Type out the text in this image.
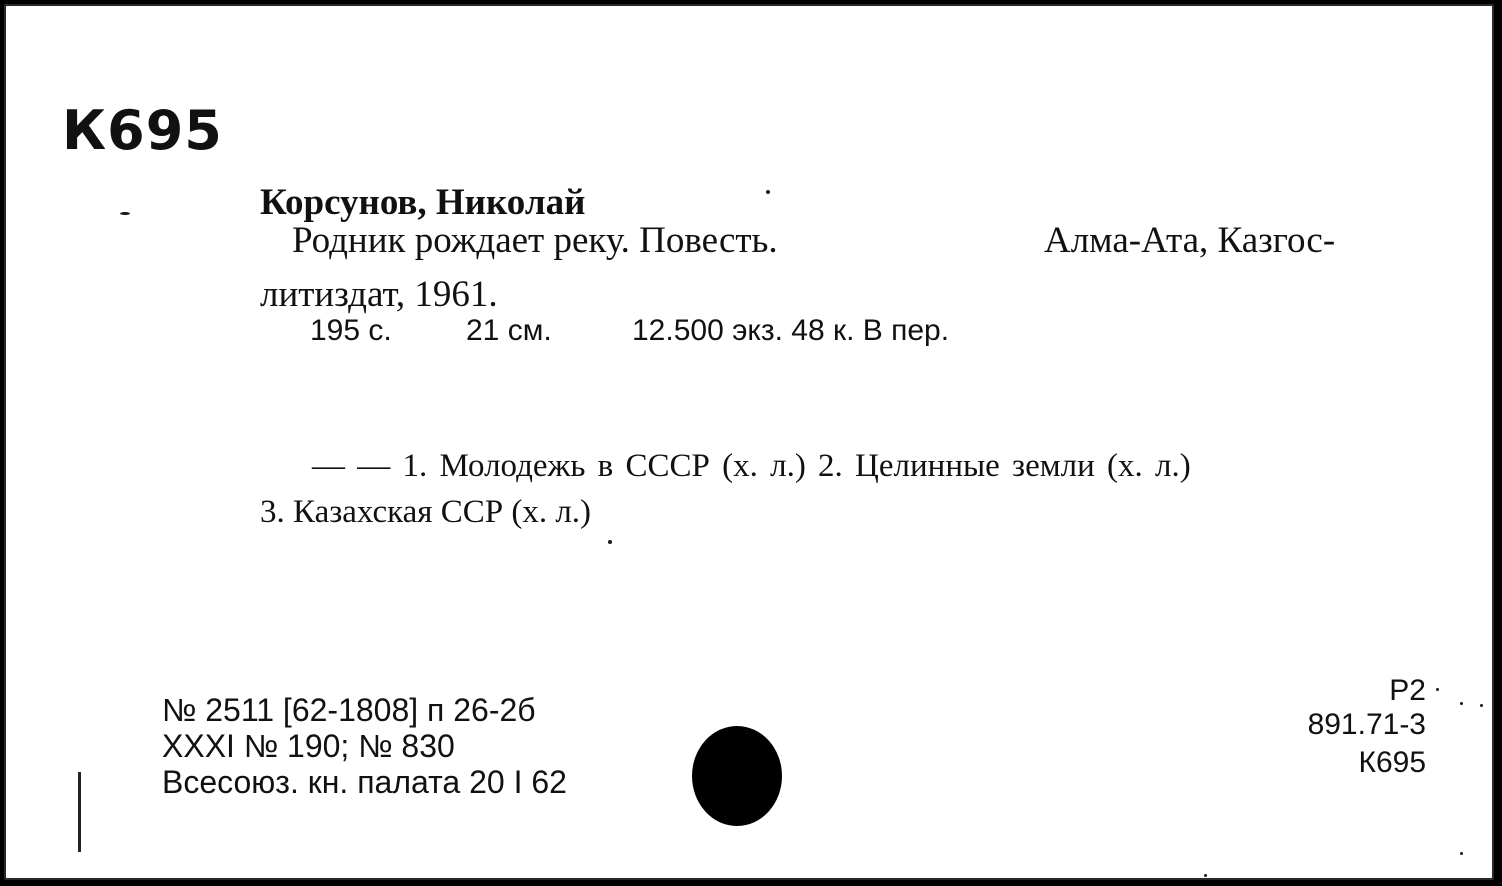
К695
Корсунов, Николай
Родник рождает реку. Повесть.	Алма-Ата, Казгос-
литиздат, 1961.
195 с. 21 см.	12.500 экз. 48 к. В пер.
— — 1. Молодежь в СССР (х. л.) 2. Целинные земли (х. л.)
3. Казахская ССР (х. л.)
№ 2511 [62-1808] п 26-2б
XXXI № 190; № 830
Всесоюз. кн. палата 20 I 62
Р2
891.71-3
К695
